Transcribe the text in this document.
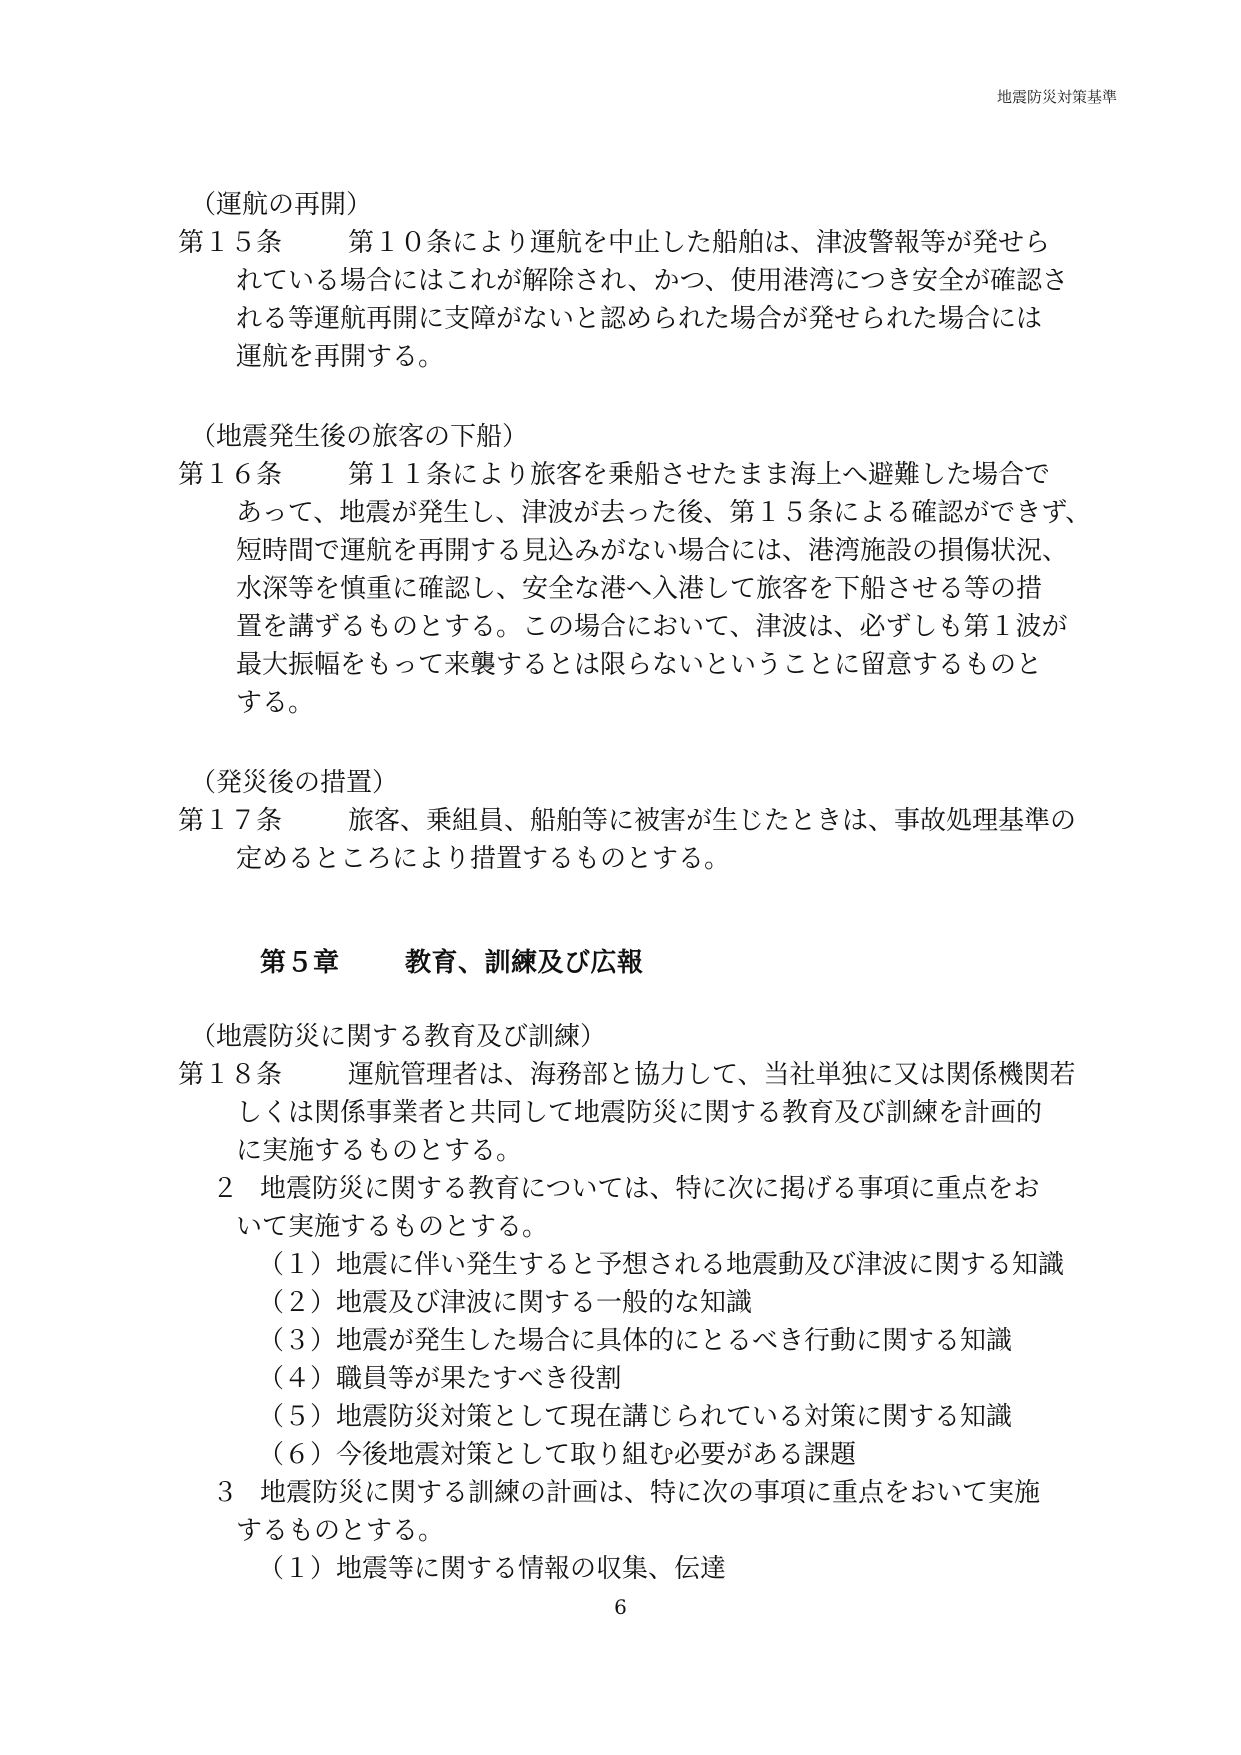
地震防災対策基準
（運航の再開）
第１５条	第１０条により運航を中止した船舶は、津波警報等が発せら
れている場合にはこれが解除され、かつ、使用港湾につき安全が確認さ
れる等運航再開に支障がないと認められた場合が発せられた場合には
運航を再開する。
（地震発生後の旅客の下船）
第１６条	第１１条により旅客を乗船させたまま海上へ避難した場合で
あって、地震が発生し、津波が去った後、第１５条による確認ができず、
短時間で運航を再開する見込みがない場合には、港湾施設の損傷状況、
水深等を慎重に確認し、安全な港へ入港して旅客を下船させる等の措
置を講ずるものとする。この場合において、津波は、必ずしも第１波が
最大振幅をもって来襲するとは限らないということに留意するものと
する。
（発災後の措置）
第１７条	旅客、乗組員、船舶等に被害が生じたときは、事故処理基準の
定めるところにより措置するものとする。
第５章	教育、訓練及び広報
（地震防災に関する教育及び訓練）
第１８条	運航管理者は、海務部と協力して、当社単独に又は関係機関若
しくは関係事業者と共同して地震防災に関する教育及び訓練を計画的
に実施するものとする。
２ 地震防災に関する教育については、特に次に掲げる事項に重点をお
いて実施するものとする。
（１）地震に伴い発生すると予想される地震動及び津波に関する知識
（２）地震及び津波に関する一般的な知識
（３）地震が発生した場合に具体的にとるべき行動に関する知識
（４）職員等が果たすべき役割
（５）地震防災対策として現在講じられている対策に関する知識
（６）今後地震対策として取り組む必要がある課題
３ 地震防災に関する訓練の計画は、特に次の事項に重点をおいて実施
するものとする。
（１）地震等に関する情報の収集、伝達
6
